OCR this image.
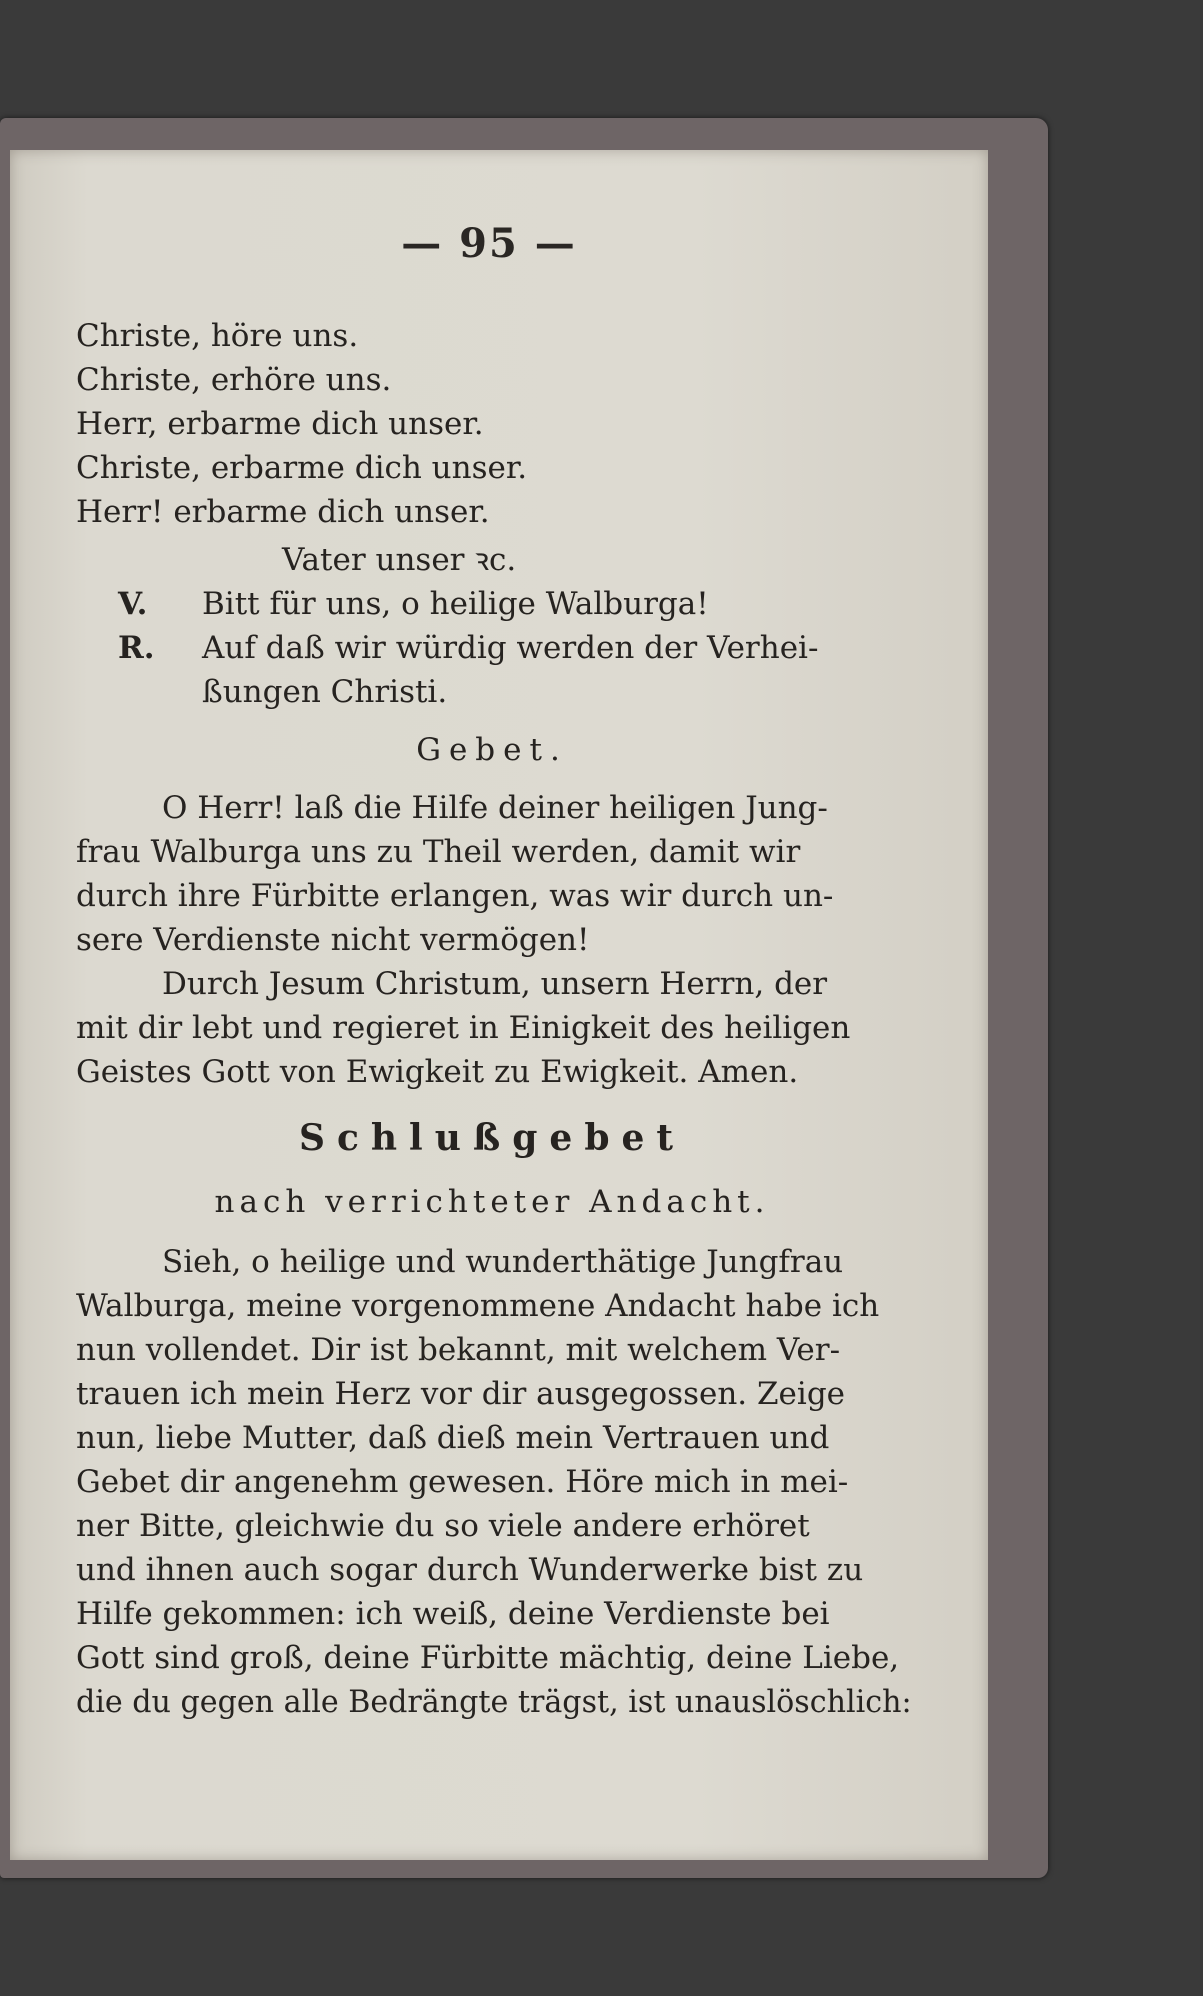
— 95 —
Christe, höre uns.
Christe, erhöre uns.
Herr, erbarme dich unser.
Christe, erbarme dich unser.
Herr! erbarme dich unser.
Vater unser ꝛc.
V. Bitt für uns, o heilige Walburga!
R. Auf daß wir würdig werden der Verhei-
ßungen Christi.
Gebet.
O Herr! laß die Hilfe deiner heiligen Jung-
frau Walburga uns zu Theil werden, damit wir
durch ihre Fürbitte erlangen, was wir durch un-
sere Verdienste nicht vermögen!
Durch Jesum Christum, unsern Herrn, der
mit dir lebt und regieret in Einigkeit des heiligen
Geistes Gott von Ewigkeit zu Ewigkeit. Amen.
Schlußgebet
nach verrichteter Andacht.
Sieh, o heilige und wunderthätige Jungfrau
Walburga, meine vorgenommene Andacht habe ich
nun vollendet. Dir ist bekannt, mit welchem Ver-
trauen ich mein Herz vor dir ausgegossen. Zeige
nun, liebe Mutter, daß dieß mein Vertrauen und
Gebet dir angenehm gewesen. Höre mich in mei-
ner Bitte, gleichwie du so viele andere erhöret
und ihnen auch sogar durch Wunderwerke bist zu
Hilfe gekommen: ich weiß, deine Verdienste bei
Gott sind groß, deine Fürbitte mächtig, deine Liebe,
die du gegen alle Bedrängte trägst, ist unauslöschlich:
